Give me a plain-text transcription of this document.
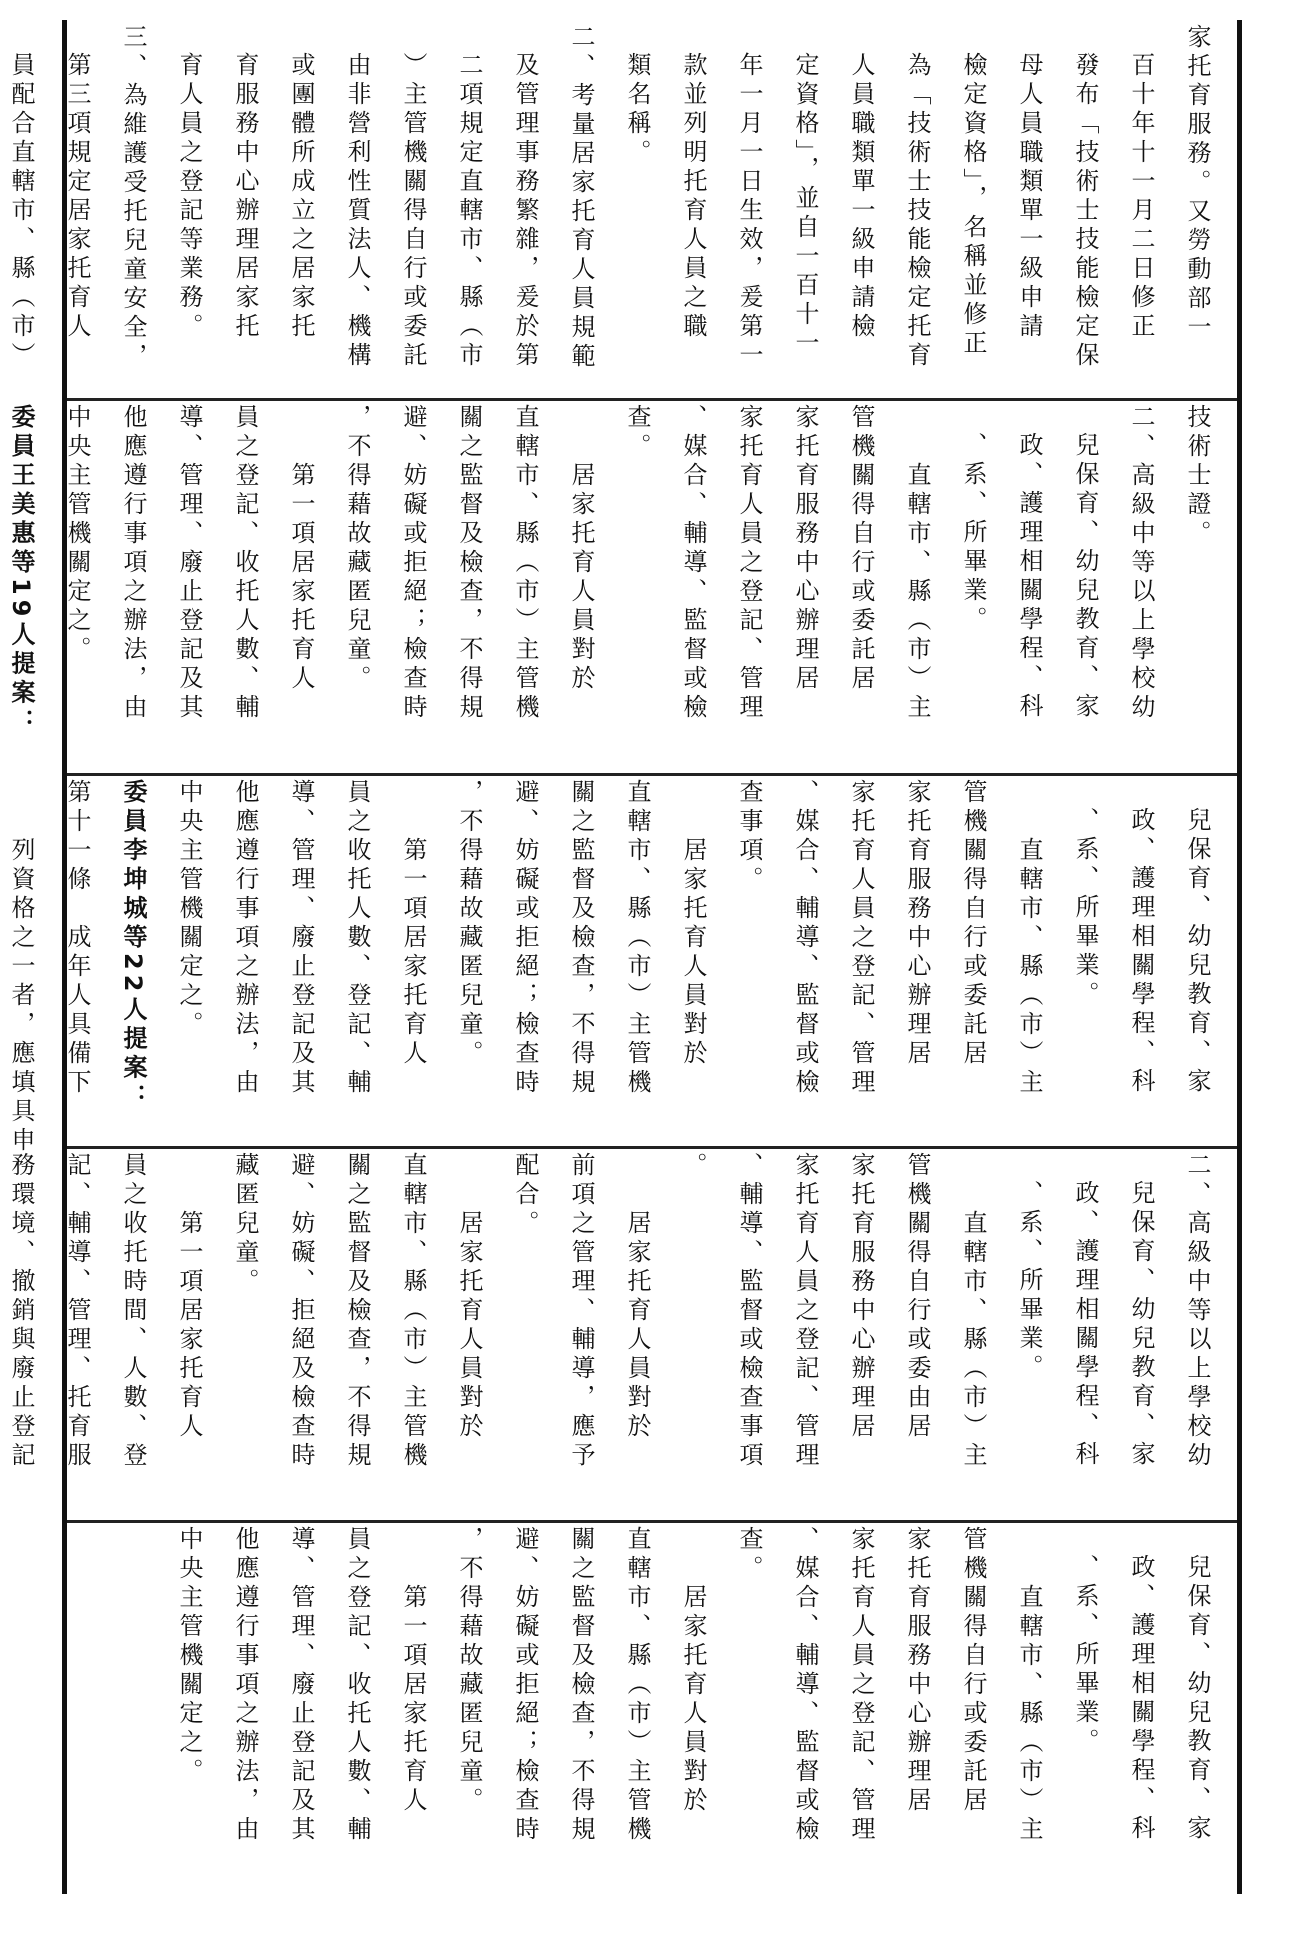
家托育服務。又勞動部一
百十年十一月二日修正
發布「技術士技能檢定保
母人員職類單一級申請
檢定資格」，名稱並修正
為「技術士技能檢定托育
人員職類單一級申請檢
定資格」，並自一百十一
年一月一日生效，爰第一
款並列明托育人員之職
類名稱。
二、考量居家托育人員規範
及管理事務繁雜，爰於第
二項規定直轄市、縣（市
）主管機關得自行或委託
由非營利性質法人、機構
或團體所成立之居家托
育服務中心辦理居家托
育人員之登記等業務。
三、為維護受托兒童安全，
第三項規定居家托育人
員配合直轄市、縣（市）
技術士證。
二、高級中等以上學校幼
兒保育、幼兒教育、家
政、護理相關學程、科
、系、所畢業。
直轄市、縣（市）主
管機關得自行或委託居
家托育服務中心辦理居
家托育人員之登記、管理
、媒合、輔導、監督或檢
查。
居家托育人員對於
直轄市、縣（市）主管機
關之監督及檢查，不得規
避、妨礙或拒絕；檢查時
，不得藉故藏匿兒童。
第一項居家托育人
員之登記、收托人數、輔
導、管理、廢止登記及其
他應遵行事項之辦法，由
中央主管機關定之。
委員王美惠等19人提案：
兒保育、幼兒教育、家
政、護理相關學程、科
、系、所畢業。
直轄市、縣（市）主
管機關得自行或委託居
家托育服務中心辦理居
家托育人員之登記、管理
、媒合、輔導、監督或檢
查事項。
居家托育人員對於
直轄市、縣（市）主管機
關之監督及檢查，不得規
避、妨礙或拒絕；檢查時
，不得藉故藏匿兒童。
第一項居家托育人
員之收托人數、登記、輔
導、管理、廢止登記及其
他應遵行事項之辦法，由
中央主管機關定之。
委員李坤城等22人提案：
第十一條　成年人具備下
列資格之一者，應填具申
二、高級中等以上學校幼
兒保育、幼兒教育、家
政、護理相關學程、科
、系、所畢業。
直轄市、縣（市）主
管機關得自行或委由居
家托育服務中心辦理居
家托育人員之登記、管理
、輔導、監督或檢查事項
。
居家托育人員對於
前項之管理、輔導，應予
配合。
居家托育人員對於
直轄市、縣（市）主管機
關之監督及檢查，不得規
避、妨礙、拒絕及檢查時
藏匿兒童。
第一項居家托育人
員之收托時間、人數、登
記、輔導、管理、托育服
務環境、撤銷與廢止登記
兒保育、幼兒教育、家
政、護理相關學程、科
、系、所畢業。
直轄市、縣（市）主
管機關得自行或委託居
家托育服務中心辦理居
家托育人員之登記、管理
、媒合、輔導、監督或檢
查。
居家托育人員對於
直轄市、縣（市）主管機
關之監督及檢查，不得規
避、妨礙或拒絕；檢查時
，不得藉故藏匿兒童。
第一項居家托育人
員之登記、收托人數、輔
導、管理、廢止登記及其
他應遵行事項之辦法，由
中央主管機關定之。
